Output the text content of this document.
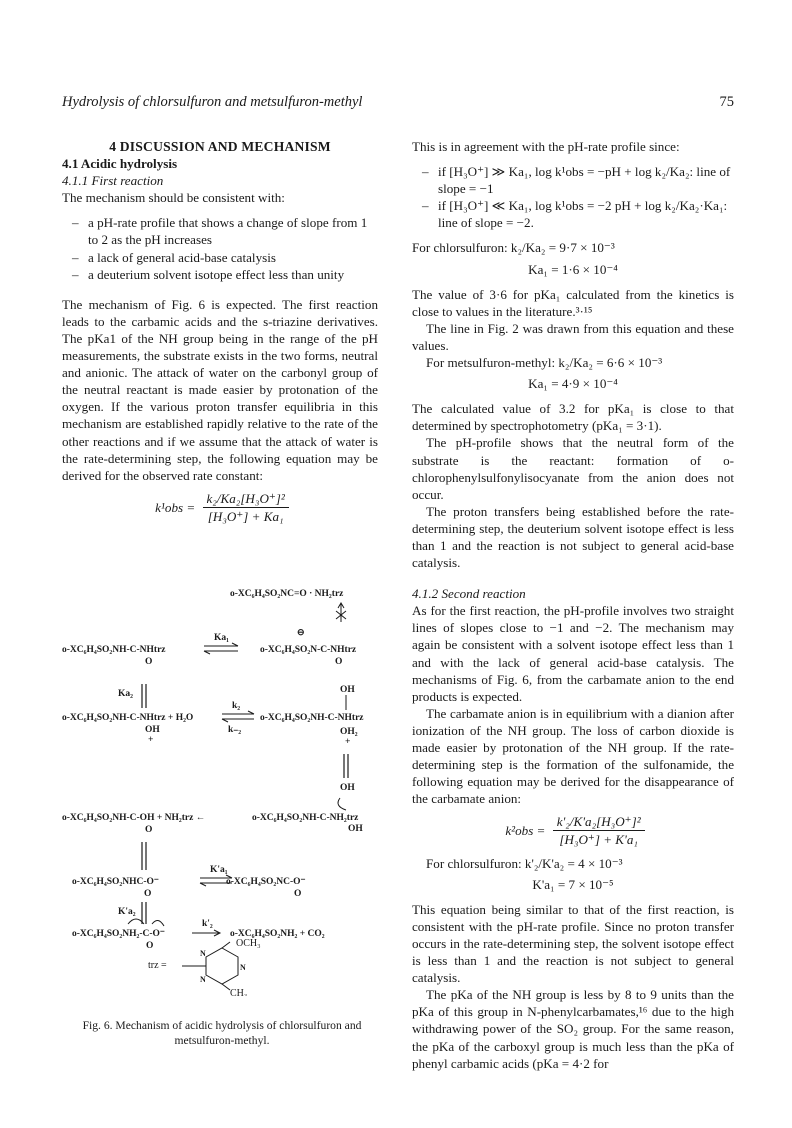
Hydrolysis of chlorsulfuron and metsulfuron-methyl	75

4 DISCUSSION AND MECHANISM

4.1 Acidic hydrolysis

4.1.1 First reaction

The mechanism should be consistent with:

– a pH-rate profile that shows a change of slope from 1 to 2 as the pH increases
– a lack of general acid-base catalysis
– a deuterium solvent isotope effect less than unity

The mechanism of Fig. 6 is expected. The first reaction leads to the carbamic acids and the s-triazine derivatives. The pKa1 of the NH group being in the range of the pH measurements, the substrate exists in the two forms, neutral and anionic. The attack of water on the carbonyl group of the neutral reactant is made easier by protonation of the oxygen. If the various proton transfer equilibria in this mechanism are established rapidly relative to the rate of the other reactions and if we assume that the attack of water is the rate-determining step, the following equation may be derived for the observed rate constant:

$k^1obs = \frac{\text{k₂/Ka₂[H₃O⁺]²}}{\text{[H₃O⁺] + Ka₁}}$
o-XC₆H₄SO₂NC=O · NH₂trz
⊖
o-XC₆H₄SO₂NH-C-NHtrz
O
Ka₁
o-XC₆H₄SO₂N-C-NHtrz
O
Ka₂
o-XC₆H₄SO₂NH-C-NHtrz + H₂O
OH
+
k₂
k₋₂
OH
o-XC₆H₄SO₂NH-C-NHtrz
OH₂
+
OH
o-XC₆H₄SO₂NH-C-OH + NH₂trz ←
O
o-XC₆H₄SO₂NH-C-NH₂trz
OH
o-XC₆H₄SO₂NHC-O⁻
O
K'a₁
o-XC₆H₄SO₂NC-O⁻
O
K'a₂
o-XC₆H₄SO₂NH₂-C-O⁻
O
k'₂
o-XC₆H₄SO₂NH₂ + CO₂
OCH₃
trz =
N
N
N
CH₃
Fig. 6. Mechanism of acidic hydrolysis of chlorsulfuron and metsulfuron-methyl.

This is in agreement with the pH-rate profile since:

– if [H₃O⁺] ≫ Ka₁, log k¹obs = −pH + log k₂/Ka₂: line of slope = −1
– if [H₃O⁺] ≪ Ka₁, log k¹obs = −2 pH + log k₂/Ka₂·Ka₁: line of slope = −2.

For chlorsulfuron: k₂/Ka₂ = 9·7 × 10⁻³

Ka₁ = 1·6 × 10⁻⁴

The value of 3·6 for pKa₁ calculated from the kinetics is close to values in the literature.³·¹⁵

The line in Fig. 2 was drawn from this equation and these values.

For metsulfuron-methyl: k₂/Ka₂ = 6·6 × 10⁻³

Ka₁ = 4·9 × 10⁻⁴

The calculated value of 3.2 for pKa₁ is close to that determined by spectrophotometry (pKa₁ = 3·1).

The pH-profile shows that the neutral form of the substrate is the reactant: formation of o-chlorophenylsulfonylisocyanate from the anion does not occur.

The proton transfers being established before the rate-determining step, the deuterium solvent isotope effect is less than 1 and the reaction is not subject to general acid-base catalysis.

4.1.2 Second reaction

As for the first reaction, the pH-profile involves two straight lines of slopes close to −1 and −2. The mechanism may again be consistent with a solvent isotope effect less than 1 and with the lack of general acid-base catalysis. The mechanisms of Fig. 6, from the carbamate anion to the end products is expected.

The carbamate anion is in equilibrium with a dianion after ionization of the NH group. The loss of carbon dioxide is made easier by protonation of the NH group. If the rate-determining step is the formation of the sulfonamide, the following equation may be derived for the disappearance of the carbamate anion:

$k^2obs = \frac{\text{k'₂/K'a₂[H₃O⁺]²}}{\text{[H₃O⁺] + K'a₁}}$

For chlorsulfuron: k'₂/K'a₂ = 4 × 10⁻³

K'a₁ = 7 × 10⁻⁵

This equation being similar to that of the first reaction, is consistent with the pH-rate profile. Since no proton transfer occurs in the rate-determining step, the solvent isotope effect is less than 1 and the reaction is not subject to general catalysis.

The pKa of the NH group is less by 8 to 9 units than the pKa of this group in N-phenylcarbamates,¹⁶ due to the high withdrawing power of the SO₂ group. For the same reason, the pKa of the carboxyl group is much less than the pKa of phenyl carbamic acids (pKa = 4·2 for
